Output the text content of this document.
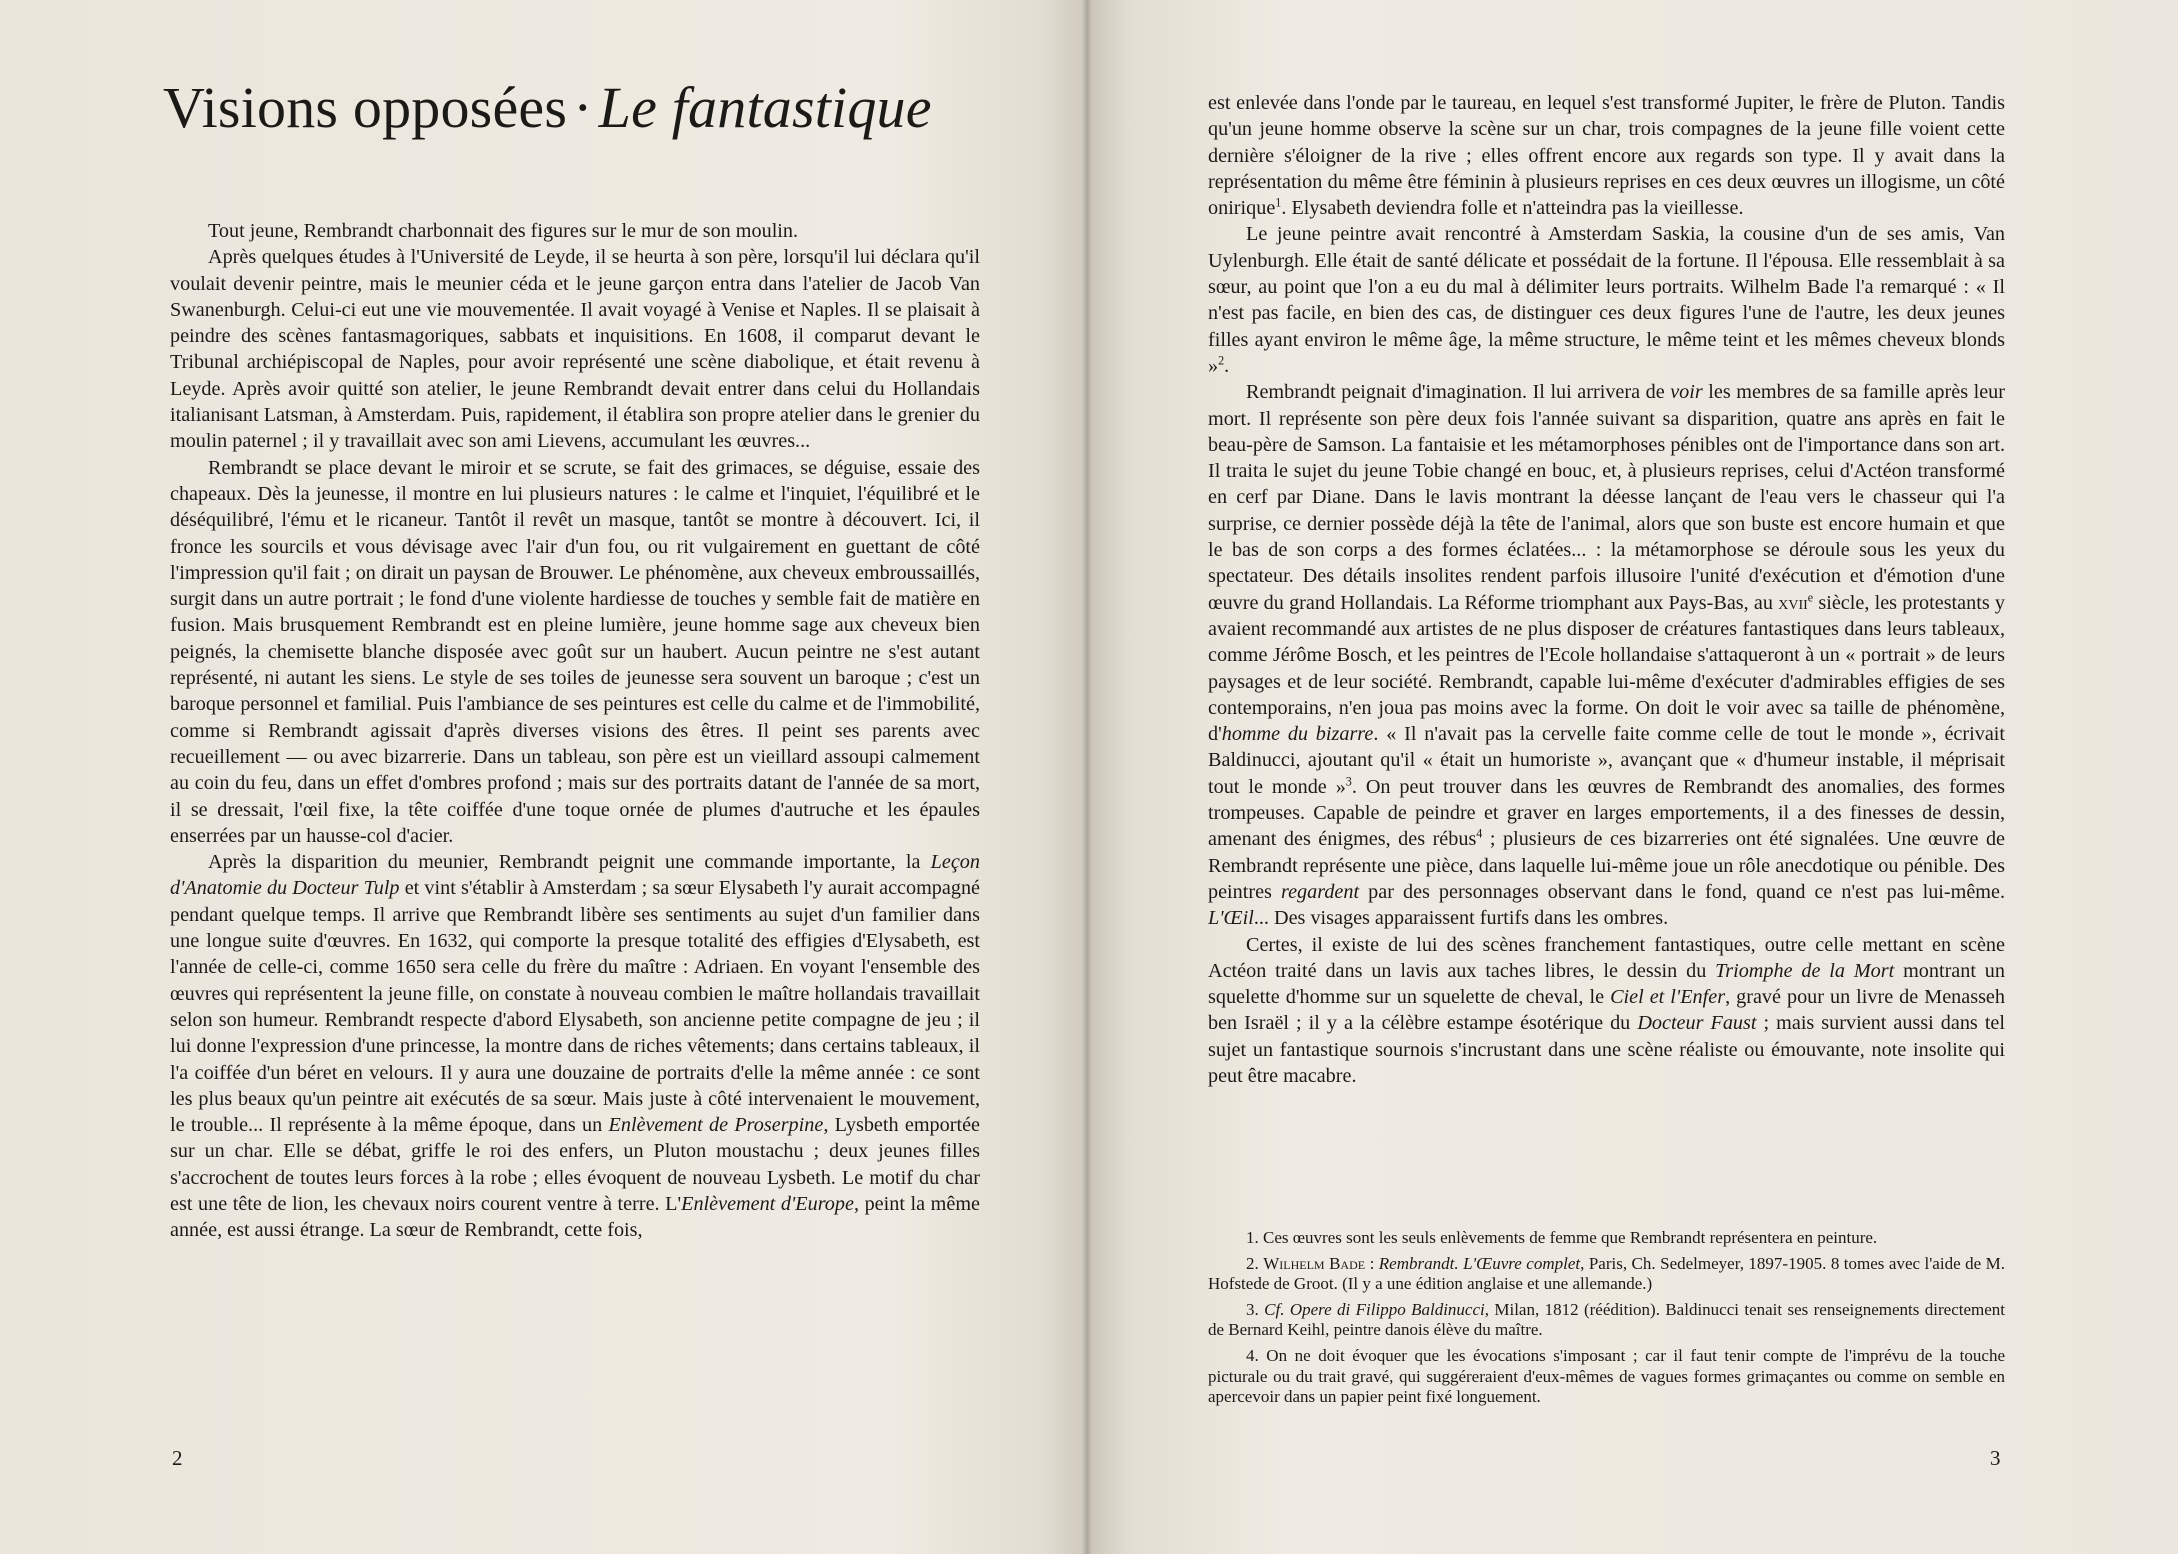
Visions opposées · Le fantastique

Tout jeune, Rembrandt charbonnait des figures sur le mur de son moulin.

Après quelques études à l'Université de Leyde, il se heurta à son père, lorsqu'il lui déclara qu'il voulait devenir peintre, mais le meunier céda et le jeune garçon entra dans l'atelier de Jacob Van Swanenburgh. Celui-ci eut une vie mouvementée. Il avait voyagé à Venise et Naples. Il se plaisait à peindre des scènes fantasmagoriques, sabbats et inquisitions. En 1608, il comparut devant le Tribunal archiépiscopal de Naples, pour avoir représenté une scène diabolique, et était revenu à Leyde. Après avoir quitté son atelier, le jeune Rembrandt devait entrer dans celui du Hollandais italianisant Latsman, à Amsterdam. Puis, rapidement, il établira son propre atelier dans le grenier du moulin paternel ; il y travaillait avec son ami Lievens, accumulant les œuvres...

Rembrandt se place devant le miroir et se scrute, se fait des grimaces, se déguise, essaie des chapeaux. Dès la jeunesse, il montre en lui plusieurs natures : le calme et l'inquiet, l'équilibré et le déséquilibré, l'ému et le ricaneur. Tantôt il revêt un masque, tantôt se montre à découvert. Ici, il fronce les sourcils et vous dévisage avec l'air d'un fou, ou rit vulgairement en guettant de côté l'impression qu'il fait ; on dirait un paysan de Brouwer. Le phénomène, aux cheveux embroussaillés, surgit dans un autre portrait ; le fond d'une violente hardiesse de touches y semble fait de matière en fusion. Mais brusquement Rembrandt est en pleine lumière, jeune homme sage aux cheveux bien peignés, la chemisette blanche disposée avec goût sur un haubert. Aucun peintre ne s'est autant représenté, ni autant les siens. Le style de ses toiles de jeunesse sera souvent un baroque ; c'est un baroque personnel et familial. Puis l'ambiance de ses peintures est celle du calme et de l'immobilité, comme si Rembrandt agissait d'après diverses visions des êtres. Il peint ses parents avec recueillement — ou avec bizarrerie. Dans un tableau, son père est un vieillard assoupi calmement au coin du feu, dans un effet d'ombres profond ; mais sur des portraits datant de l'année de sa mort, il se dressait, l'œil fixe, la tête coiffée d'une toque ornée de plumes d'autruche et les épaules enserrées par un hausse-col d'acier.

Après la disparition du meunier, Rembrandt peignit une commande importante, la Leçon d'Anatomie du Docteur Tulp et vint s'établir à Amsterdam ; sa sœur Elysabeth l'y aurait accompagné pendant quelque temps. Il arrive que Rembrandt libère ses sentiments au sujet d'un familier dans une longue suite d'œuvres. En 1632, qui comporte la presque totalité des effigies d'Elysabeth, est l'année de celle-ci, comme 1650 sera celle du frère du maître : Adriaen. En voyant l'ensemble des œuvres qui représentent la jeune fille, on constate à nouveau combien le maître hollandais travaillait selon son humeur. Rembrandt respecte d'abord Elysabeth, son ancienne petite compagne de jeu ; il lui donne l'expression d'une princesse, la montre dans de riches vêtements; dans certains tableaux, il l'a coiffée d'un béret en velours. Il y aura une douzaine de portraits d'elle la même année : ce sont les plus beaux qu'un peintre ait exécutés de sa sœur. Mais juste à côté intervenaient le mouvement, le trouble... Il représente à la même époque, dans un Enlèvement de Proserpine, Lysbeth emportée sur un char. Elle se débat, griffe le roi des enfers, un Pluton moustachu ; deux jeunes filles s'accrochent de toutes leurs forces à la robe ; elles évoquent de nouveau Lysbeth. Le motif du char est une tête de lion, les chevaux noirs courent ventre à terre. L'Enlèvement d'Europe, peint la même année, est aussi étrange. La sœur de Rembrandt, cette fois,

2

est enlevée dans l'onde par le taureau, en lequel s'est transformé Jupiter, le frère de Pluton. Tandis qu'un jeune homme observe la scène sur un char, trois compagnes de la jeune fille voient cette dernière s'éloigner de la rive ; elles offrent encore aux regards son type. Il y avait dans la représentation du même être féminin à plusieurs reprises en ces deux œuvres un illogisme, un côté onirique$^1$. Elysabeth deviendra folle et n'atteindra pas la vieillesse.

Le jeune peintre avait rencontré à Amsterdam Saskia, la cousine d'un de ses amis, Van Uylenburgh. Elle était de santé délicate et possédait de la fortune. Il l'épousa. Elle ressemblait à sa sœur, au point que l'on a eu du mal à délimiter leurs portraits. Wilhelm Bade l'a remarqué : « Il n'est pas facile, en bien des cas, de distinguer ces deux figures l'une de l'autre, les deux jeunes filles ayant environ le même âge, la même structure, le même teint et les mêmes cheveux blonds »$^2$.

Rembrandt peignait d'imagination. Il lui arrivera de voir les membres de sa famille après leur mort. Il représente son père deux fois l'année suivant sa disparition, quatre ans après en fait le beau-père de Samson. La fantaisie et les métamorphoses pénibles ont de l'importance dans son art. Il traita le sujet du jeune Tobie changé en bouc, et, à plusieurs reprises, celui d'Actéon transformé en cerf par Diane. Dans le lavis montrant la déesse lançant de l'eau vers le chasseur qui l'a surprise, ce dernier possède déjà la tête de l'animal, alors que son buste est encore humain et que le bas de son corps a des formes éclatées... : la métamorphose se déroule sous les yeux du spectateur. Des détails insolites rendent parfois illusoire l'unité d'exécution et d'émotion d'une œuvre du grand Hollandais. La Réforme triomphant aux Pays-Bas, au xvii$^e$ siècle, les protestants y avaient recommandé aux artistes de ne plus disposer de créatures fantastiques dans leurs tableaux, comme Jérôme Bosch, et les peintres de l'Ecole hollandaise s'attaqueront à un « portrait » de leurs paysages et de leur société. Rembrandt, capable lui-même d'exécuter d'admirables effigies de ses contemporains, n'en joua pas moins avec la forme. On doit le voir avec sa taille de phénomène, d'homme du bizarre. « Il n'avait pas la cervelle faite comme celle de tout le monde », écrivait Baldinucci, ajoutant qu'il « était un humoriste », avançant que « d'humeur instable, il méprisait tout le monde »$^3$. On peut trouver dans les œuvres de Rembrandt des anomalies, des formes trompeuses. Capable de peindre et graver en larges emportements, il a des finesses de dessin, amenant des énigmes, des rébus$^4$ ; plusieurs de ces bizarreries ont été signalées. Une œuvre de Rembrandt représente une pièce, dans laquelle lui-même joue un rôle anecdotique ou pénible. Des peintres regardent par des personnages observant dans le fond, quand ce n'est pas lui-même. L'Œil... Des visages apparaissent furtifs dans les ombres.

Certes, il existe de lui des scènes franchement fantastiques, outre celle mettant en scène Actéon traité dans un lavis aux taches libres, le dessin du Triomphe de la Mort montrant un squelette d'homme sur un squelette de cheval, le Ciel et l'Enfer, gravé pour un livre de Menasseh ben Israël ; il y a la célèbre estampe ésotérique du Docteur Faust ; mais survient aussi dans tel sujet un fantastique sournois s'incrustant dans une scène réaliste ou émouvante, note insolite qui peut être macabre.

1. Ces œuvres sont les seuls enlèvements de femme que Rembrandt représentera en peinture.

2. Wilhelm Bade : Rembrandt. L'Œuvre complet, Paris, Ch. Sedelmeyer, 1897-1905. 8 tomes avec l'aide de M. Hofstede de Groot. (Il y a une édition anglaise et une allemande.)

3. Cf. Opere di Filippo Baldinucci, Milan, 1812 (réédition). Baldinucci tenait ses renseignements directement de Bernard Keihl, peintre danois élève du maître.

4. On ne doit évoquer que les évocations s'imposant ; car il faut tenir compte de l'imprévu de la touche picturale ou du trait gravé, qui suggéreraient d'eux-mêmes de vagues formes grimaçantes ou comme on semble en apercevoir dans un papier peint fixé longuement.

3
